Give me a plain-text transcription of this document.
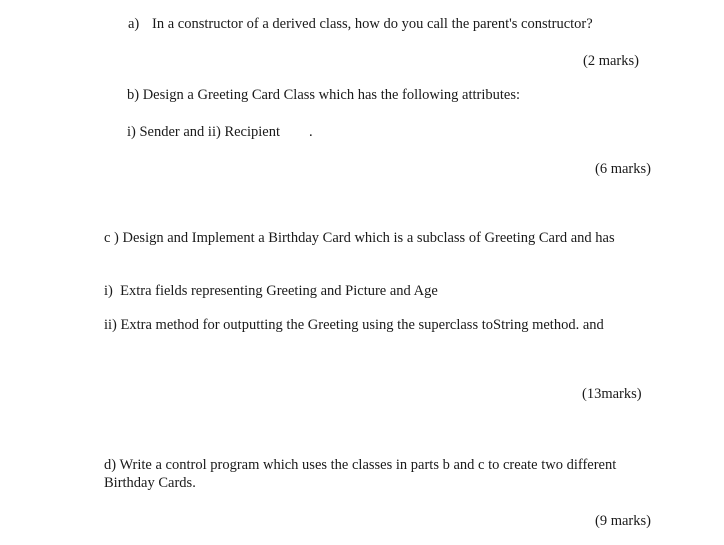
a) In a constructor of a derived class, how do you call the parent's constructor?
(2 marks)
b) Design a Greeting Card Class which has the following attributes:
i) Sender and ii) Recipient .
(6 marks)
c ) Design and Implement a Birthday Card which is a subclass of Greeting Card and has
i)  Extra fields representing Greeting and Picture and Age
ii) Extra method for outputting the Greeting using the superclass toString method. and
(13marks)
d) Write a control program which uses the classes in parts b and c to create two different Birthday Cards.
(9 marks)
